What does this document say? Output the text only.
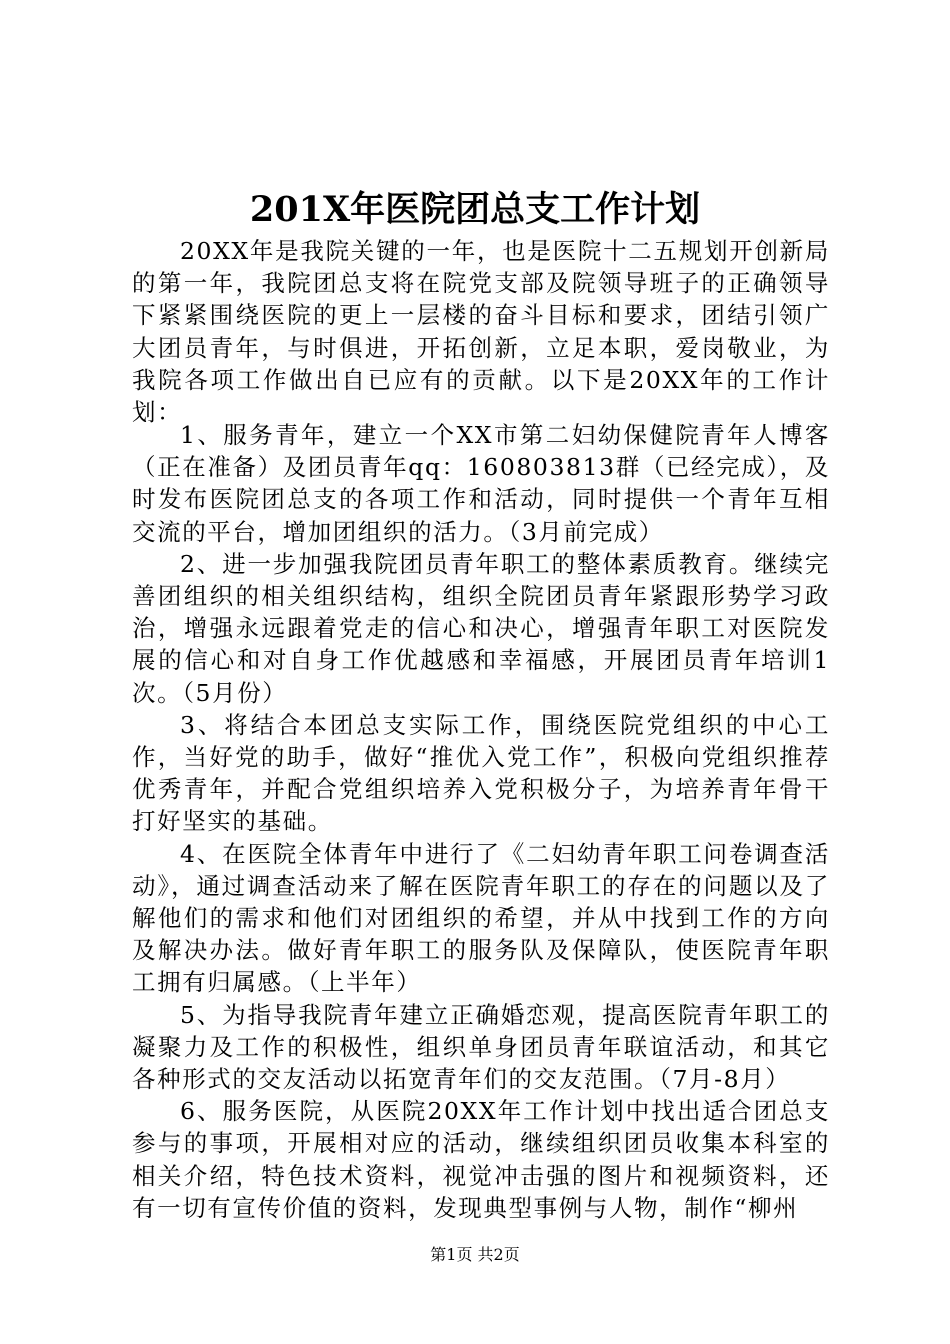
201X年医院团总支工作计划

20XX年是我院关键的一年，也是医院十二五规划开创新局的第一年，我院团总支将在院党支部及院领导班子的正确领导下紧紧围绕医院的更上一层楼的奋斗目标和要求，团结引领广大团员青年，与时俱进，开拓创新，立足本职，爱岗敬业，为我院各项工作做出自已应有的贡献。以下是20XX年的工作计划：

1、服务青年，建立一个XX市第二妇幼保健院青年人博客（正在准备）及团员青年qq：160803813群（已经完成），及时发布医院团总支的各项工作和活动，同时提供一个青年互相交流的平台，增加团组织的活力。（3月前完成）

2、进一步加强我院团员青年职工的整体素质教育。继续完善团组织的相关组织结构，组织全院团员青年紧跟形势学习政治，增强永远跟着党走的信心和决心，增强青年职工对医院发展的信心和对自身工作优越感和幸福感，开展团员青年培训1次。（5月份）

3、将结合本团总支实际工作，围绕医院党组织的中心工作，当好党的助手，做好“推优入党工作”，积极向党组织推荐优秀青年，并配合党组织培养入党积极分子，为培养青年骨干打好坚实的基础。

4、在医院全体青年中进行了《二妇幼青年职工问卷调查活动》，通过调查活动来了解在医院青年职工的存在的问题以及了解他们的需求和他们对团组织的希望，并从中找到工作的方向及解决办法。做好青年职工的服务队及保障队，使医院青年职工拥有归属感。（上半年）

5、为指导我院青年建立正确婚恋观，提高医院青年职工的凝聚力及工作的积极性，组织单身团员青年联谊活动，和其它各种形式的交友活动以拓宽青年们的交友范围。（7月-8月）

6、服务医院，从医院20XX年工作计划中找出适合团总支参与的事项，开展相对应的活动，继续组织团员收集本科室的相关介绍，特色技术资料，视觉冲击强的图片和视频资料，还有一切有宣传价值的资料，发现典型事例与人物，制作“柳州

第1页 共2页
